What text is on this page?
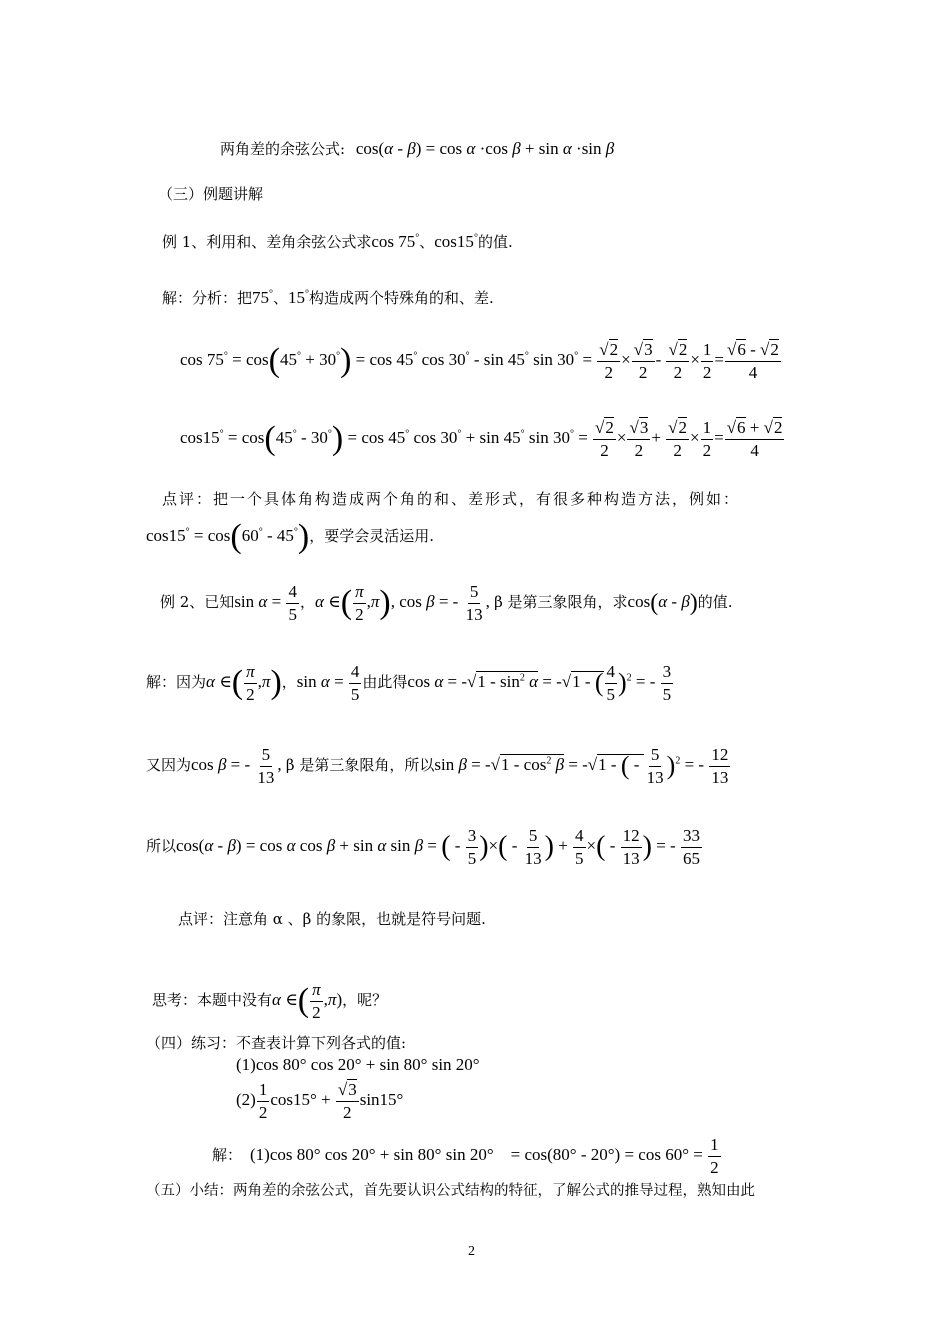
两角差的余弦公式: cos(α - β) = cos α ·cos β + sin α ·sin β
（三）例题讲解
例 1、利用和、差角余弦公式求cos 75°、cos15°的值.
解：分析：把75°、15°构造成两个特殊角的和、差.
cos 75° = cos(45° + 30°) = cos 45° cos 30° - sin 45° $\sin 30^\circ = \frac{√2}{2} \times \frac{√3}{2} - \frac{√2}{2} \times \frac{1}{2} = \frac{√6 - √2}{4}$
cos15° = cos(45° - 30°) = cos 45° cos 30° + sin 45° $\sin 30^\circ = \frac{√2}{2} \times \frac{√3}{2} + \frac{√2}{2} \times \frac{1}{2} = \frac{√6 + √2}{4}$
点评：把一个具体角构造成两个角的和、差形式，有很多种构造方法，例如：
cos15° = cos(60° - 45°)，要学会灵活运用.
例 2、已知$\sin \alpha = \frac{4}{5}$ ，α ∈( $\frac{\pi}{2} ,\pi$), cos β = - $\frac{5}{13}$ , β 是第三象限角，求cos(α - β)的值.
解：因为α ∈( $\frac{\pi}{2} ,\pi$)，$\sin \alpha = \frac{4}{5}$ 由此得$\cos \alpha = -√1 - \sin^2 \alpha = -√1$ - ( $\frac{4}{5} )^2$ = - $\frac{3}{5}$
又因为cos β = - $\frac{5}{13}$ , β 是第三象限角，所以$\sin \beta = -√1 - \cos^2 \beta = -√1$ - ( - $\frac{5}{13} )^2$ = - $\frac{12}{13}$
所以cos(α - β) = cos α cos β + sin α sin β = ( - $\frac{3}{5}$ )×( - $\frac{5}{13}$ ) + $\frac{4}{5}$ ×( - $\frac{12}{13}$ ) = - $\frac{33}{65}$
点评：注意角 α 、β 的象限，也就是符号问题.
思考：本题中没有α ∈( $\frac{\pi}{2} ,\pi$)，呢？
（四）练习：不查表计算下列各式的值:
(1)cos 80° cos 20° + sin 80° sin 20°
$(2) \frac{1}{2} \cos 15^\circ + \frac{√3}{2} \sin 15^\circ$
解： (1)cos 80° cos 20° + sin 80° sin 20°    = $\cos(80^\circ - 20^\circ) = \cos 60^\circ = \frac{1}{2}$
（五）小结：两角差的余弦公式，首先要认识公式结构的特征，了解公式的推导过程，熟知由此
2
